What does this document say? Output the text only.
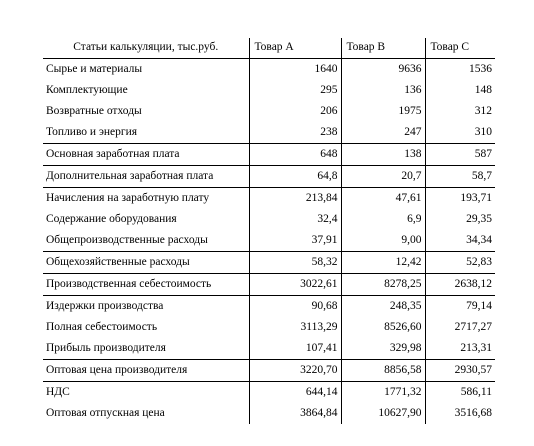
Статьи калькуляции, тыс.руб.	Товар А	Товар В	Товар С
Сырье и материалы	1640	9636	1536
Комплектующие	295	136	148
Возвратные отходы	206	1975	312
Топливо и энергия	238	247	310
Основная заработная плата	648	138	587
Дополнительная заработная плата	64,8	20,7	58,7
Начисления на заработную плату	213,84	47,61	193,71
Содержание оборудования	32,4	6,9	29,35
Общепроизводственные расходы	37,91	9,00	34,34
Общехозяйственные расходы	58,32	12,42	52,83
Производственная себестоимость	3022,61	8278,25	2638,12
Издержки производства	90,68	248,35	79,14
Полная себестоимость	3113,29	8526,60	2717,27
Прибыль производителя	107,41	329,98	213,31
Оптовая цена производителя	3220,70	8856,58	2930,57
НДС	644,14	1771,32	586,11
Оптовая отпускная цена	3864,84	10627,90	3516,68
